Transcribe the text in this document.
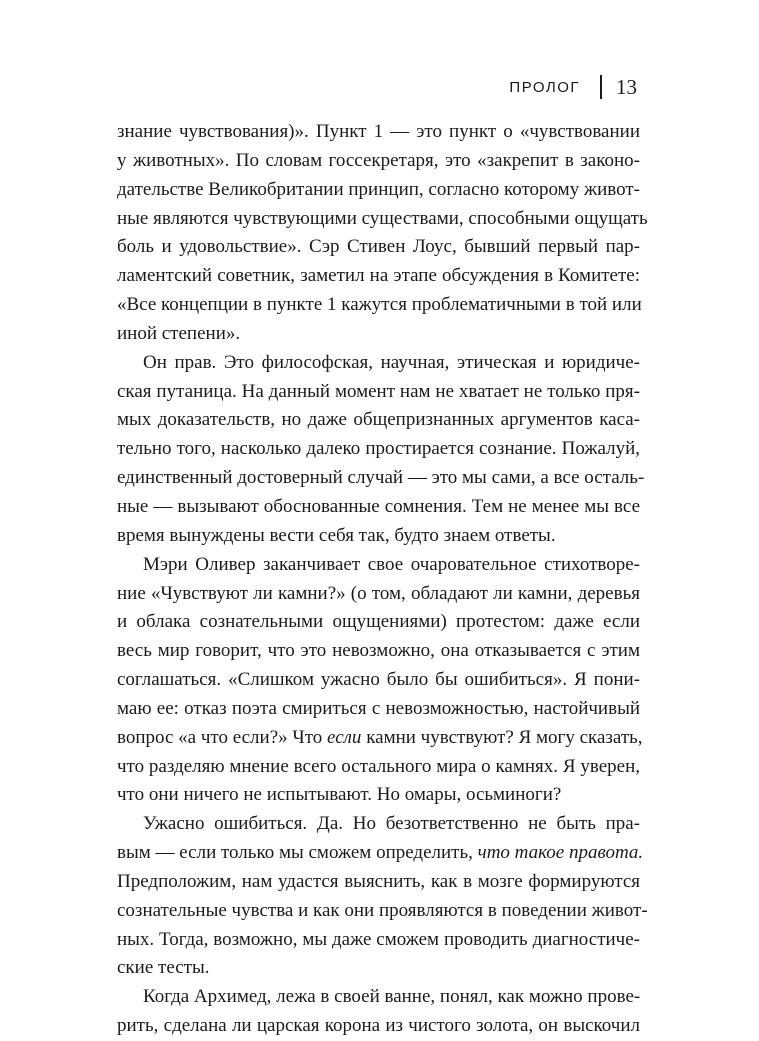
ПРОЛОГ 13
знание чувствования)». Пункт 1 — это пункт о «чувствовании
у животных». По словам госсекретаря, это «закрепит в законо-
дательстве Великобритании принцип, согласно которому живот-
ные являются чувствующими существами, способными ощущать
боль и удовольствие». Сэр Стивен Лоус, бывший первый пар-
ламентский советник, заметил на этапе обсуждения в Комитете:
«Все концепции в пункте 1 кажутся проблематичными в той или
иной степени».
Он прав. Это философская, научная, этическая и юридиче-
ская путаница. На данный момент нам не хватает не только пря-
мых доказательств, но даже общепризнанных аргументов каса-
тельно того, насколько далеко простирается сознание. Пожалуй,
единственный достоверный случай — это мы сами, а все осталь-
ные — вызывают обоснованные сомнения. Тем не менее мы все
время вынуждены вести себя так, будто знаем ответы.
Мэри Оливер заканчивает свое очаровательное стихотворе-
ние «Чувствуют ли камни?» (о том, обладают ли камни, деревья
и облака сознательными ощущениями) протестом: даже если
весь мир говорит, что это невозможно, она отказывается с этим
соглашаться. «Слишком ужасно было бы ошибиться». Я пони-
маю ее: отказ поэта смириться с невозможностью, настойчивый
вопрос «а что если?» Что если камни чувствуют? Я могу сказать,
что разделяю мнение всего остального мира о камнях. Я уверен,
что они ничего не испытывают. Но омары, осьминоги?
Ужасно ошибиться. Да. Но безответственно не быть пра-
вым — если только мы сможем определить, что такое правота.
Предположим, нам удастся выяснить, как в мозге формируются
сознательные чувства и как они проявляются в поведении живот-
ных. Тогда, возможно, мы даже сможем проводить диагностиче-
ские тесты.
Когда Архимед, лежа в своей ванне, понял, как можно прове-
рить, сделана ли царская корона из чистого золота, он выскочил
